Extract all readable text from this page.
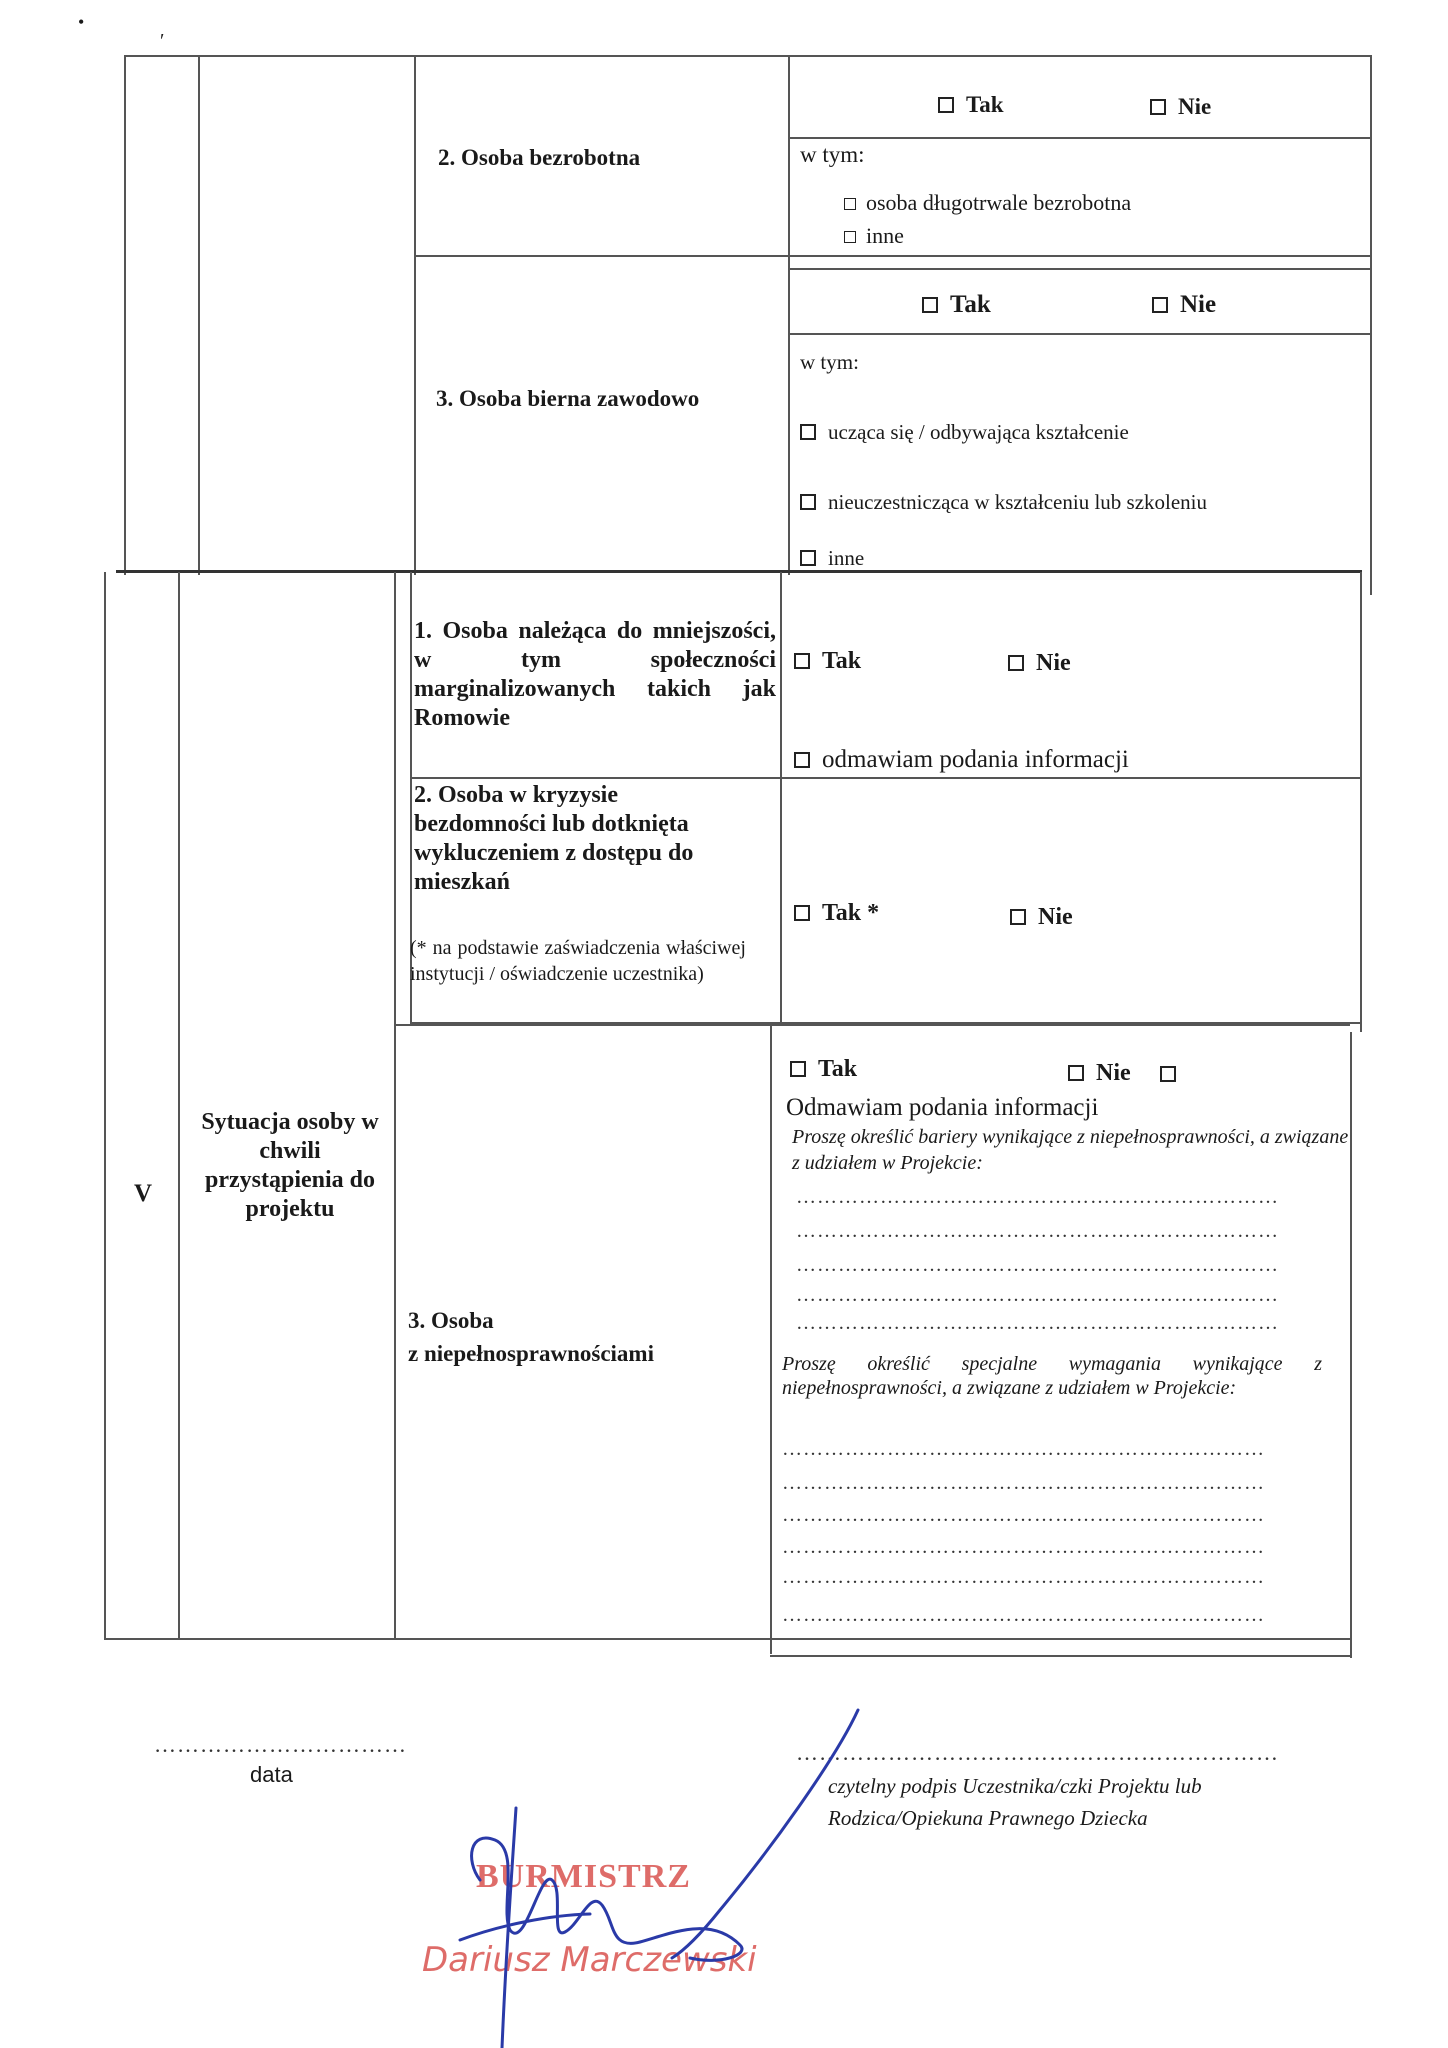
•
′
2. Osoba bezrobotna
Tak	Nie
w tym:
osoba długotrwale bezrobotna
inne
3. Osoba bierna zawodowo
Tak	Nie
w tym:
ucząca się / odbywająca kształcenie
nieuczestnicząca w kształceniu lub szkoleniu
inne
V
Sytuacja osoby w chwili przystąpienia do projektu
1. Osoba należąca do mniejszości, w tym społeczności marginalizowanych takich jak Romowie
Tak	Nie
odmawiam podania informacji
2. Osoba w kryzysie bezdomności lub dotknięta wykluczeniem z dostępu do mieszkań
(* na podstawie zaświadczenia właściwej instytucji / oświadczenie uczestnika)
Tak *	Nie
3. Osoba
z niepełnosprawnościami
Tak	Nie
Odmawiam podania informacji
Proszę określić bariery wynikające z niepełnosprawności, a związane z udziałem w Projekcie:
……………………………………………………………
……………………………………………………………
……………………………………………………………
……………………………………………………………
……………………………………………………………
Proszę określić specjalne wymagania wynikające z niepełnosprawności, a związane z udziałem w Projekcie:
……………………………………………………………
……………………………………………………………
……………………………………………………………
……………………………………………………………
……………………………………………………………
……………………………………………………………
……………………………
data
………………………………………………………
czytelny podpis Uczestnika/czki Projektu lub
Rodzica/Opiekuna Prawnego Dziecka
BURMISTRZ
Dariusz Marczewski
